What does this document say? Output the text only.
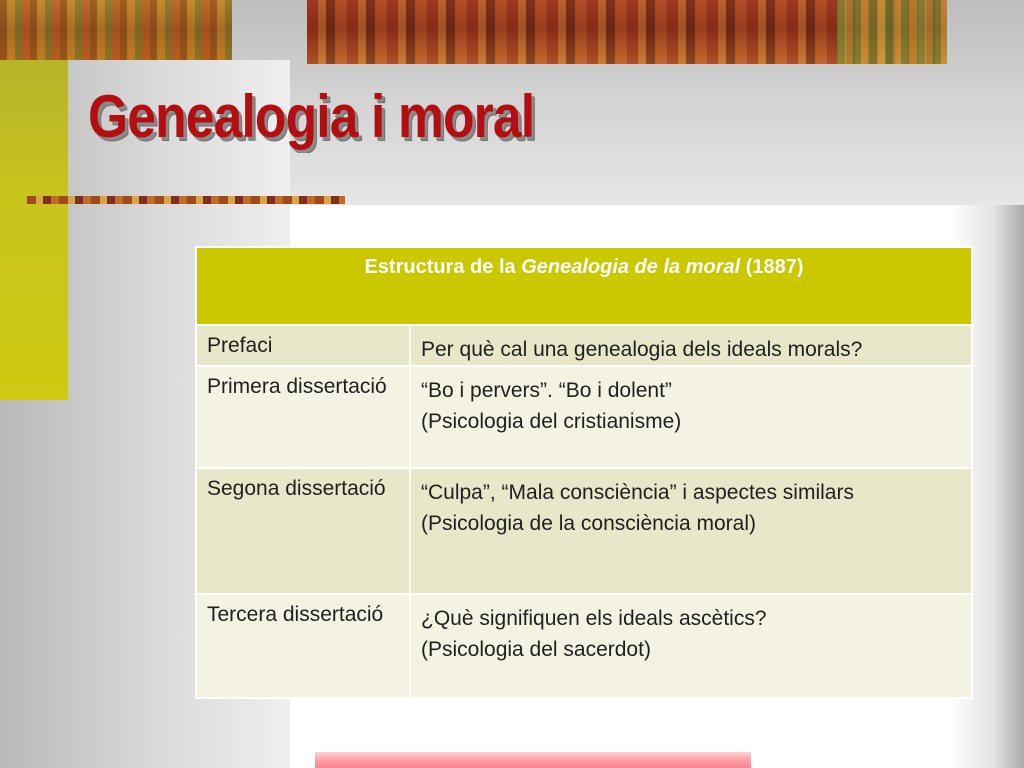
Genealogia i moral
Estructura de la Genealogia de la moral (1887)	
Prefaci	Per què cal una genealogia dels ideals morals?

Primera dissertació	“Bo i pervers”. “Bo i dolent”
(Psicologia del cristianisme)

Segona dissertació	“Culpa”, “Mala consciència” i aspectes similars
(Psicologia de la consciència moral)

Tercera dissertació	¿Què signifiquen els ideals ascètics?
(Psicologia del sacerdot)
